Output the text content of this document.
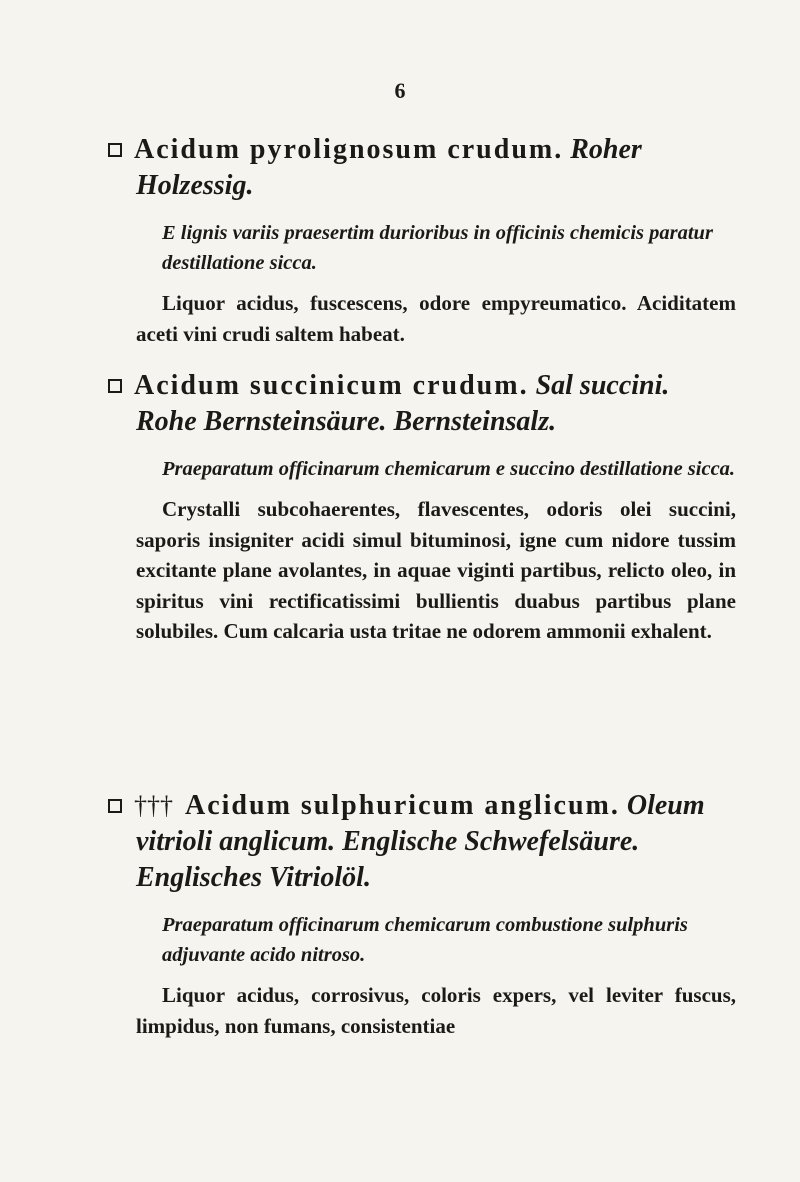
6

Acidum pyrolignosum crudum. Roher Holzessig.

E lignis variis praesertim durioribus in officinis chemicis paratur destillatione sicca.

Liquor acidus, fuscescens, odore empyreumatico. Aciditatem aceti vini crudi saltem habeat.

Acidum succinicum crudum. Sal succini. Rohe Bernsteinsäure. Bernsteinsalz.

Praeparatum officinarum chemicarum e succino destillatione sicca.

Crystalli subcohaerentes, flavescentes, odoris olei succini, saporis insigniter acidi simul bituminosi, igne cum nidore tussim excitante plane avolantes, in aquae viginti partibus, relicto oleo, in spiritus vini rectificatissimi bullientis duabus partibus plane solubiles. Cum calcaria usta tritae ne odorem ammonii exhalent.

††† Acidum sulphuricum anglicum. Oleum vitrioli anglicum. Englische Schwefelsäure. Englisches Vitriolöl.

Praeparatum officinarum chemicarum combustione sulphuris adjuvante acido nitroso.

Liquor acidus, corrosivus, coloris expers, vel leviter fuscus, limpidus, non fumans, consistentiae
